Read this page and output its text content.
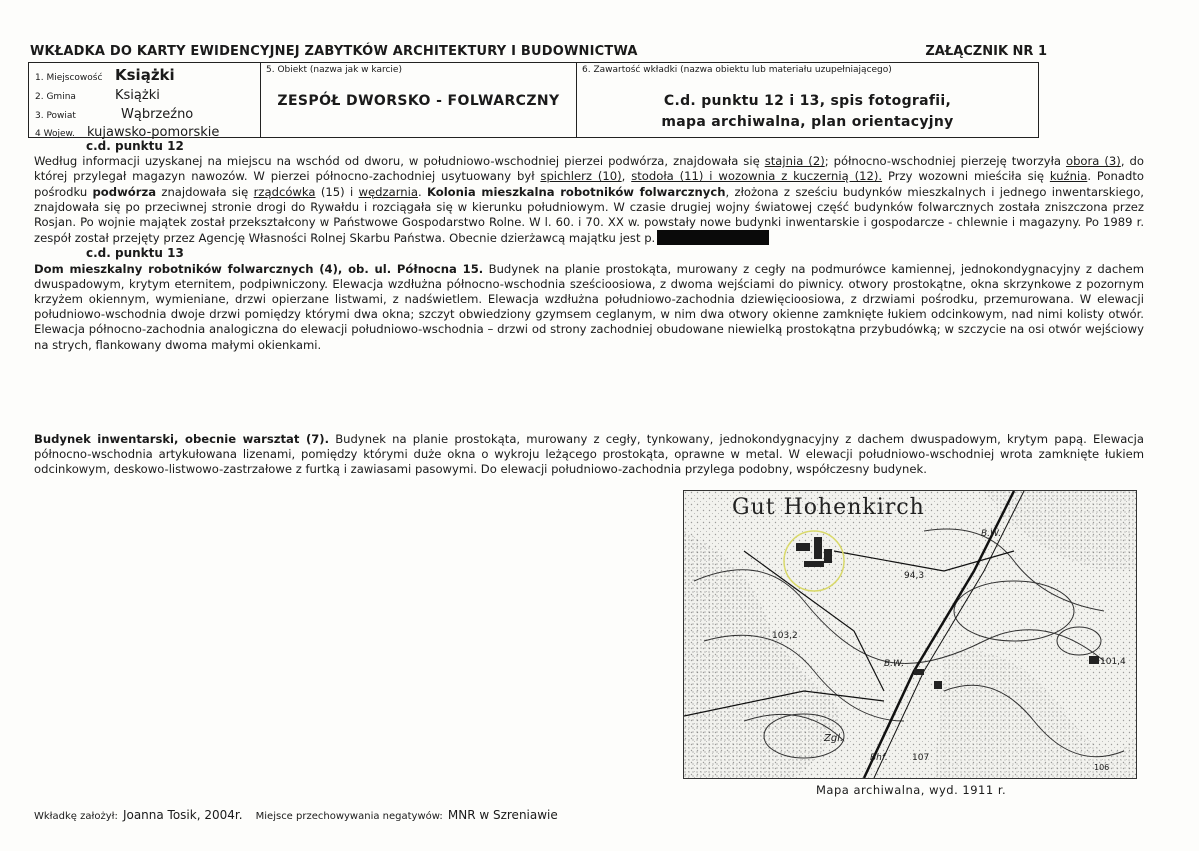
WKŁADKA DO KARTY EWIDENCYJNEJ ZABYTKÓW ARCHITEKTURY I BUDOWNICTWA	ZAŁĄCZNIK NR 1
1. Miejscowość Książki
2. Gmina	Książki
3. Powiat	Wąbrzeźno
4 Wojew. kujawsko-pomorskie
5. Obiekt (nazwa jak w karcie)
ZESPÓŁ DWORSKO - FOLWARCZNY
6. Zawartość wkładki (nazwa obiektu lub materiału uzupełniającego)
C.d. punktu 12 i 13, spis fotografii,
mapa archiwalna, plan orientacyjny

c.d. punktu 12

Według informacji uzyskanej na miejscu na wschód od dworu, w południowo-wschodniej pierzei podwórza, znajdowała się stajnia (2); północno-wschodniej pierzeję tworzyła obora (3), do której przylegał magazyn nawozów. W pierzei północno-zachodniej usytuowany był spichlerz (10), stodoła (11) i wozownia z kuczernią (12). Przy wozowni mieściła się kuźnia. Ponadto pośrodku podwórza znajdowała się rządcówka (15) i wędzarnia. Kolonia mieszkalna robotników folwarcznych, złożona z sześciu budynków mieszkalnych i jednego inwentarskiego, znajdowała się po przeciwnej stronie drogi do Rywałdu i rozciągała się w kierunku południowym. W czasie drugiej wojny światowej część budynków folwarcznych została zniszczona przez Rosjan. Po wojnie majątek został przekształcony w Państwowe Gospodarstwo Rolne. W l. 60. i 70. XX w. powstały nowe budynki inwentarskie i gospodarcze - chlewnie i magazyny. Po 1989 r. zespół został przejęty przez Agencję Własności Rolnej Skarbu Państwa. Obecnie dzierżawcą majątku jest p.

c.d. punktu 13

Dom mieszkalny robotników folwarcznych (4), ob. ul. Północna 15. Budynek na planie prostokąta, murowany z cegły na podmurówce kamiennej, jednokondygnacyjny z dachem dwuspadowym, krytym eternitem, podpiwniczony. Elewacja wzdłużna północno-wschodnia sześcioosiowa, z dwoma wejściami do piwnicy. otwory prostokątne, okna skrzynkowe z pozornym krzyżem okiennym, wymieniane, drzwi opierzane listwami, z nadświetlem. Elewacja wzdłużna południowo-zachodnia dziewięcioosiowa, z drzwiami pośrodku, przemurowana. W elewacji południowo-wschodnia dwoje drzwi pomiędzy którymi dwa okna; szczyt obwiedziony gzymsem ceglanym, w nim dwa otwory okienne zamknięte łukiem odcinkowym, nad nimi kolisty otwór. Elewacja północno-zachodnia analogiczna do elewacji południowo-wschodnia – drzwi od strony zachodniej obudowane niewielką prostokątna przybudówką; w szczycie na osi otwór wejściowy na strych, flankowany dwoma małymi okienkami.

Budynek inwentarski, obecnie warsztat (7). Budynek na planie prostokąta, murowany z cegły, tynkowany, jednokondygnacyjny z dachem dwuspadowym, krytym papą. Elewacja północno-wschodnia artykułowana lizenami, pomiędzy którymi duże okna o wykroju leżącego prostokąta, oprawne w metal. W elewacji południowo-wschodniej wrota zamknięte łukiem odcinkowym, deskowo-listwowo-zastrzałowe z furtką i zawiasami pasowymi. Do elewacji południowo-zachodnia przylega podobny, współczesny budynek.

Gut Hohenkirch
B.W.
94,3
103,2
B.W.	101,4
Zgl.
107
Bhf.
106
Mapa archiwalna, wyd. 1911 r.
Wkładkę założył: Joanna Tosik, 2004r. Miejsce przechowywania negatywów: MNR w Szreniawie
